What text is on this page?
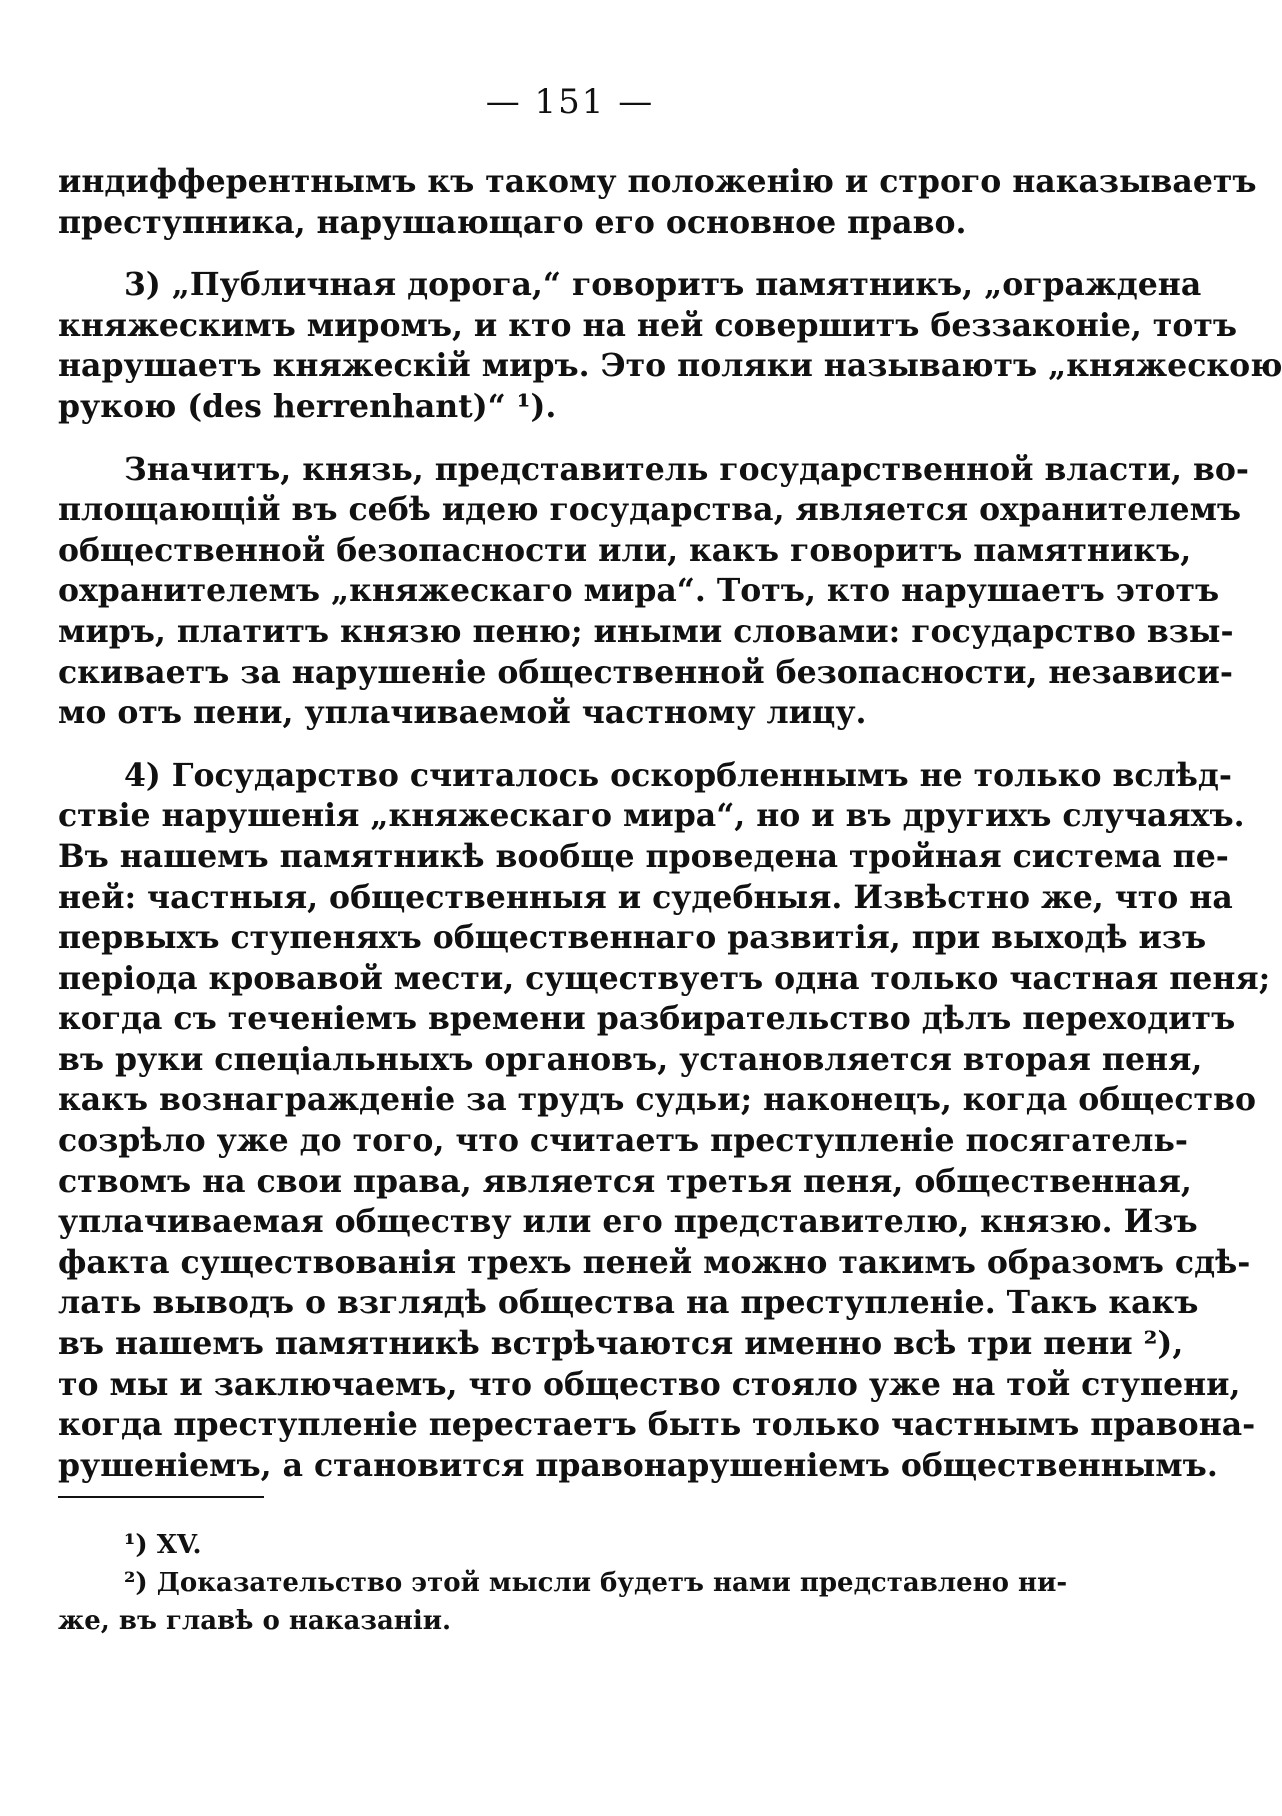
— 151 —
индифферентнымъ къ такому положенію и строго наказываетъ
преступника, нарушающаго его основное право.
3) „Публичная дорога,“ говоритъ памятникъ, „ограждена
княжескимъ миромъ, и кто на ней совершитъ беззаконіе, тотъ
нарушаетъ княжескій миръ. Это поляки называютъ „княжескою
рукою (des herrenhant)“ ¹).
Значитъ, князь, представитель государственной власти, во-
площающій въ себѣ идею государства, является охранителемъ
общественной безопасности или, какъ говоритъ памятникъ,
охранителемъ „княжескаго мира“. Тотъ, кто нарушаетъ этотъ
миръ, платитъ князю пеню; иными словами: государство взы-
скиваетъ за нарушеніе общественной безопасности, независи-
мо отъ пени, уплачиваемой частному лицу.
4) Государство считалось оскорбленнымъ не только вслѣд-
ствіе нарушенія „княжескаго мира“, но и въ другихъ случаяхъ.
Въ нашемъ памятникѣ вообще проведена тройная система пе-
ней: частныя, общественныя и судебныя. Извѣстно же, что на
первыхъ ступеняхъ общественнаго развитія, при выходѣ изъ
періода кровавой мести, существуетъ одна только частная пеня;
когда съ теченіемъ времени разбирательство дѣлъ переходитъ
въ руки спеціальныхъ органовъ, установляется вторая пеня,
какъ вознагражденіе за трудъ судьи; наконецъ, когда общество
созрѣло уже до того, что считаетъ преступленіе посягатель-
ствомъ на свои права, является третья пеня, общественная,
уплачиваемая обществу или его представителю, князю. Изъ
факта существованія трехъ пеней можно такимъ образомъ сдѣ-
лать выводъ о взглядѣ общества на преступленіе. Такъ какъ
въ нашемъ памятникѣ встрѣчаются именно всѣ три пени ²),
то мы и заключаемъ, что общество стояло уже на той ступени,
когда преступленіе перестаетъ быть только частнымъ правона-
рушеніемъ, а становится правонарушеніемъ общественнымъ.
¹) XV.
²) Доказательство этой мысли будетъ нами представлено ни-
же, въ главѣ о наказаніи.
